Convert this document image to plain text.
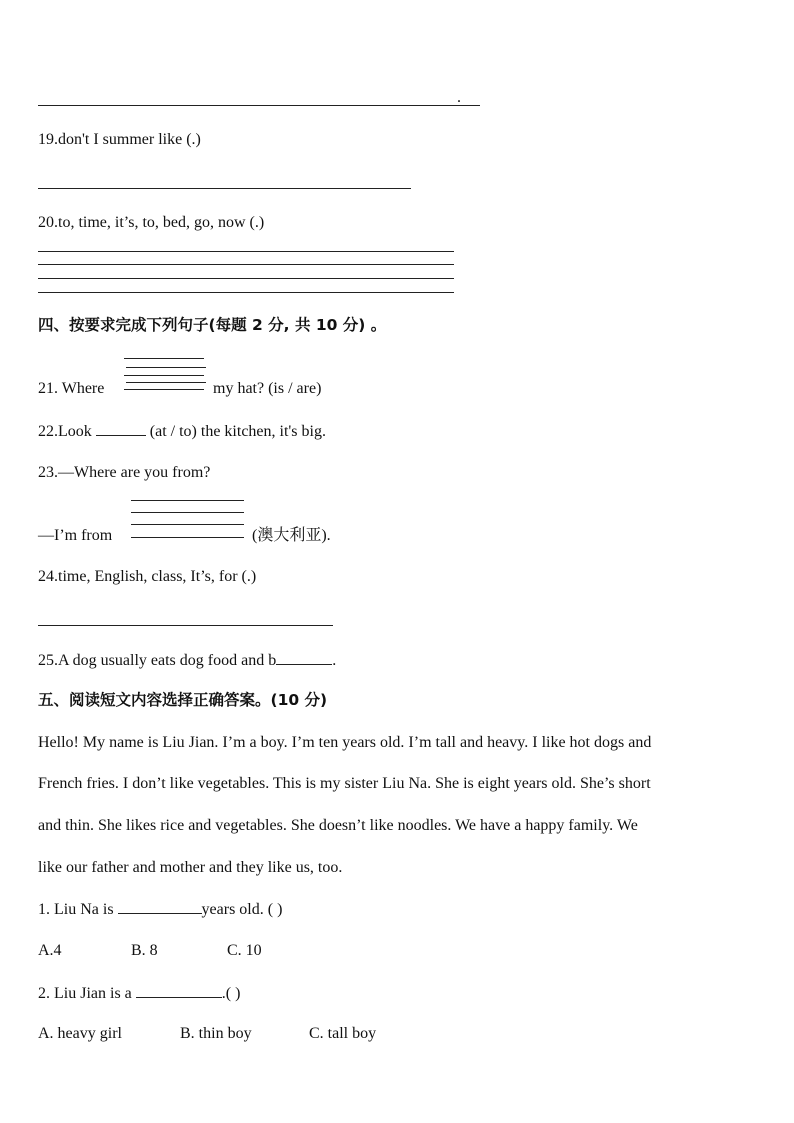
.
19.don't I summer like (.)
20.to, time, it’s, to, bed, go, now (.)
四、按要求完成下列句子(每题 2 分, 共 10 分) 。
21. Where	my hat? (is / are)
22.Look	(at / to) the kitchen, it's big.
23.—Where are you from?
—I’m from	(澳大利亚).
24.time, English, class, It’s, for (.)
25.A dog usually eats dog food and b	.
五、阅读短文内容选择正确答案。(10 分)
Hello! My name is Liu Jian. I’m a boy. I’m ten years old. I’m tall and heavy. I like hot dogs and
French fries. I don’t like vegetables. This is my sister Liu Na. She is eight years old. She’s short
and thin. She likes rice and vegetables. She doesn’t like noodles. We have a happy family. We
like our father and mother and they like us, too.
1. Liu Na is	years old. ( )
A.4	B. 8	C. 10
2. Liu Jian is a	.( )
A. heavy girl	B. thin boy	C. tall boy
